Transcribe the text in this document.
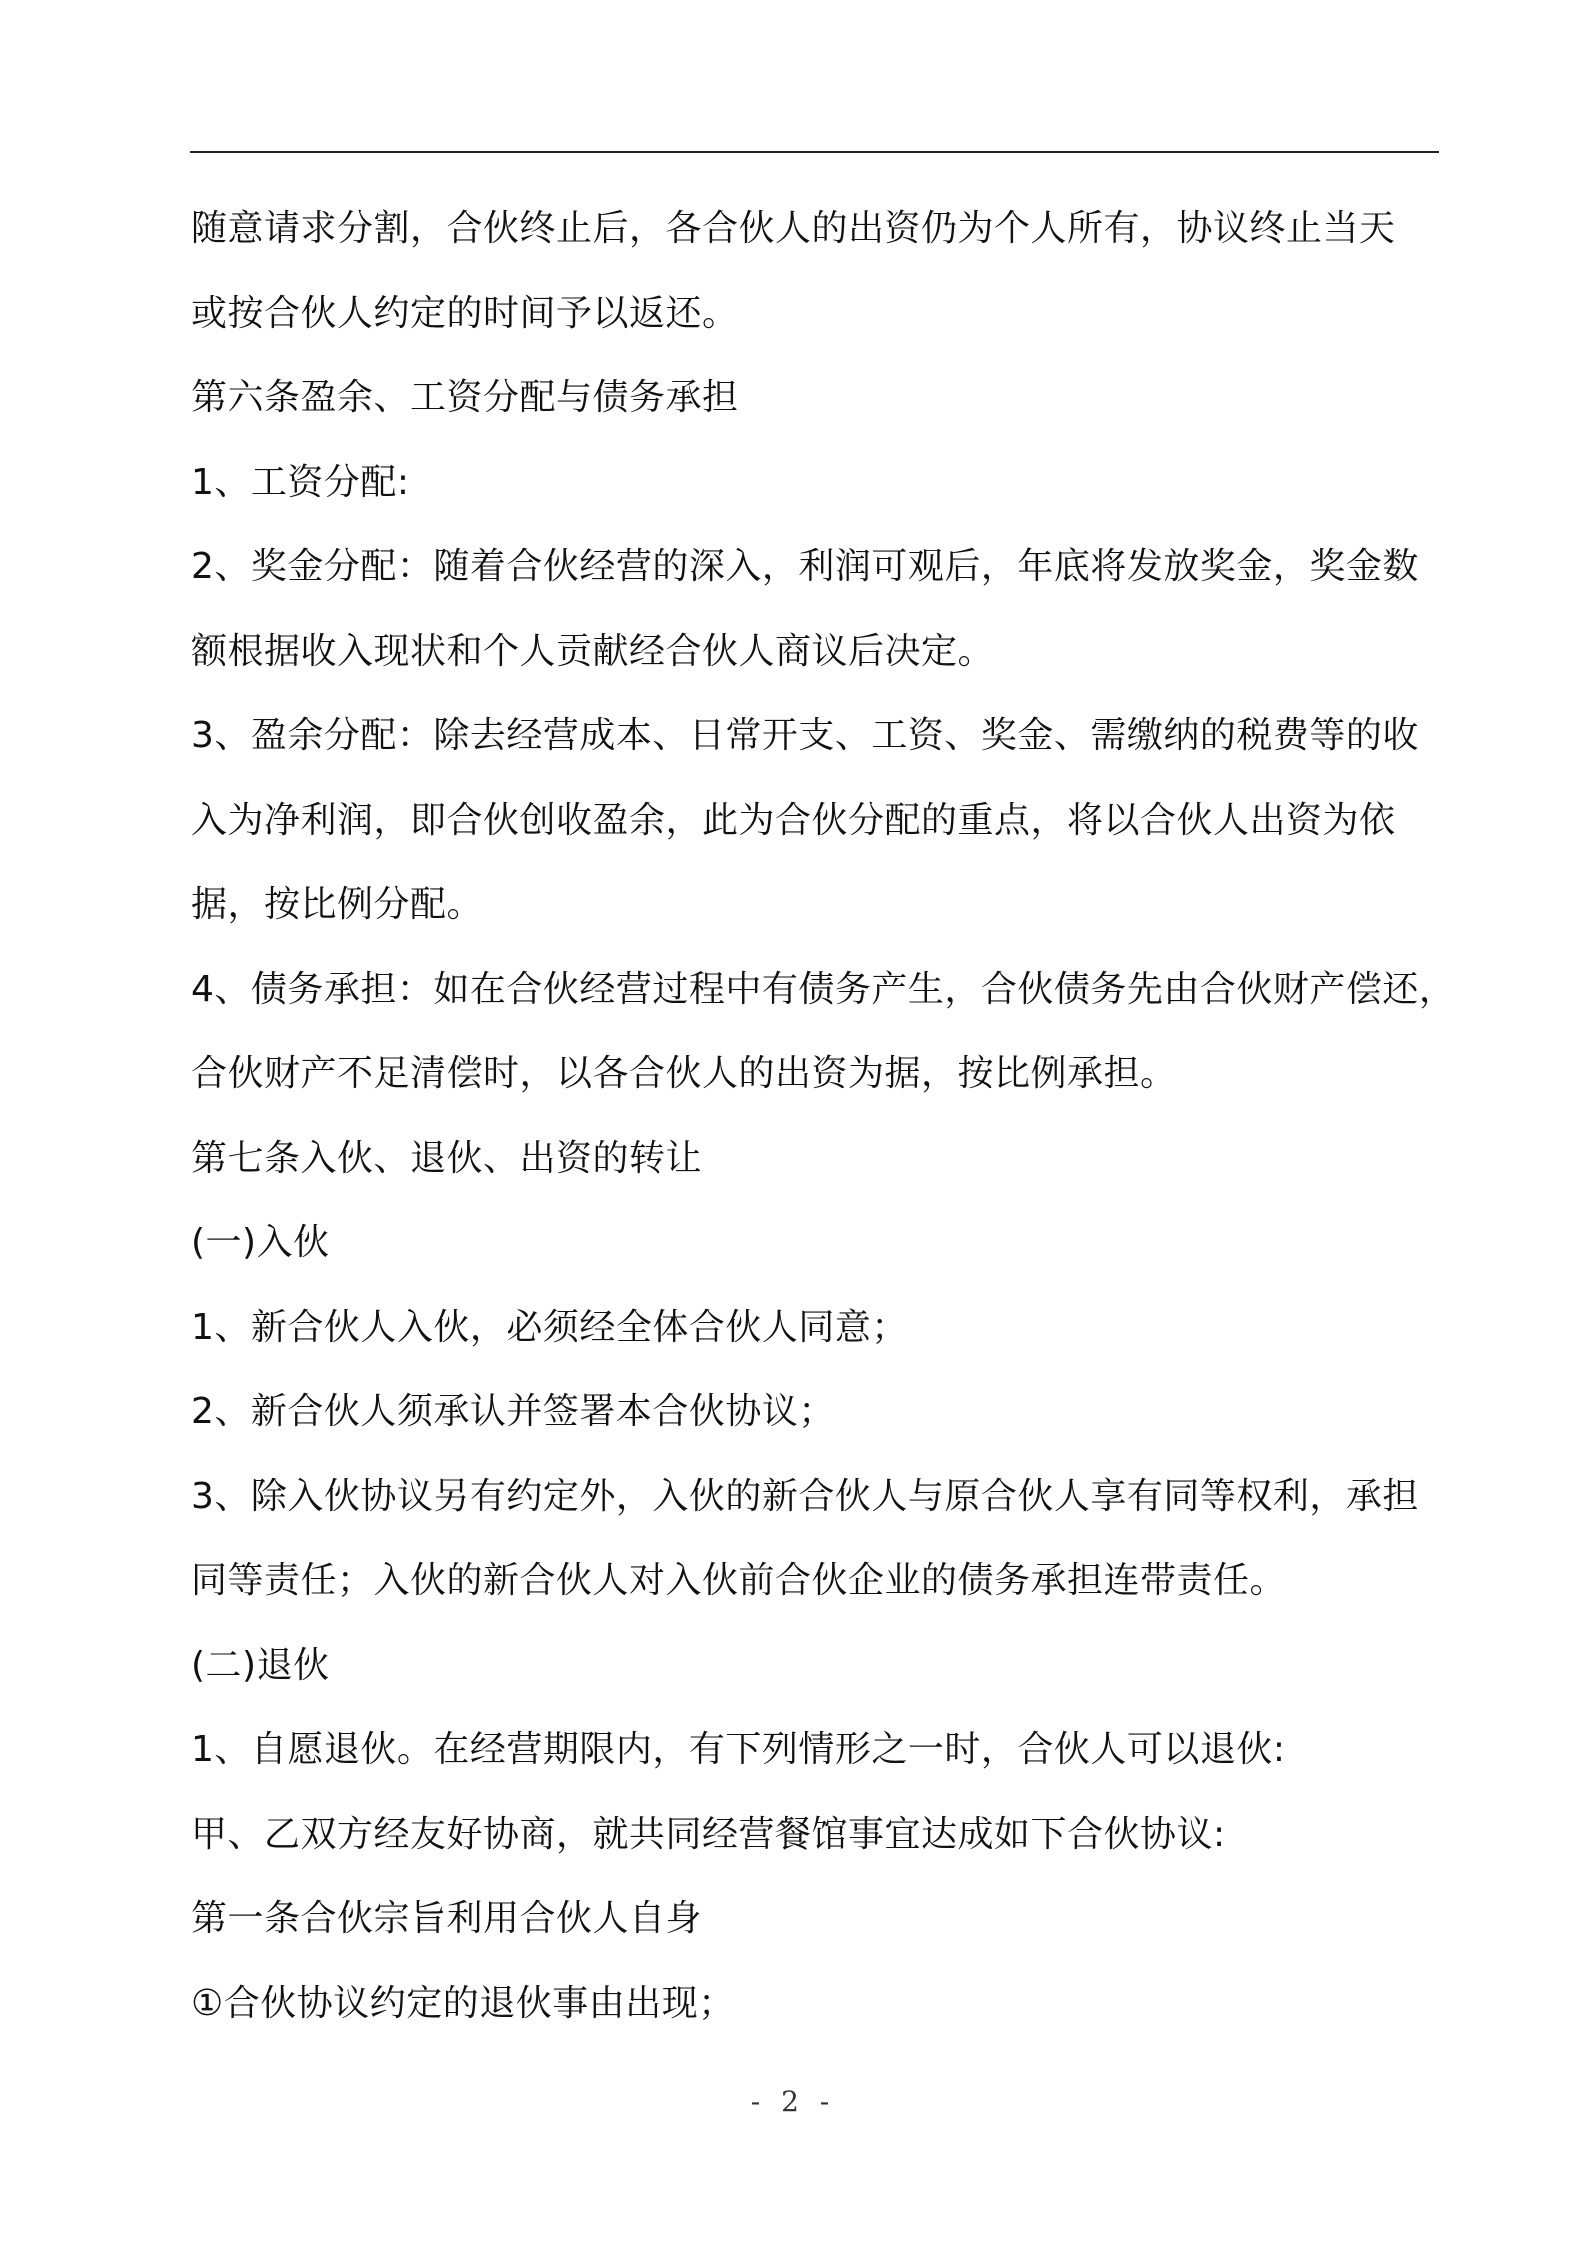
随意请求分割，合伙终止后，各合伙人的出资仍为个人所有，协议终止当天
或按合伙人约定的时间予以返还。
第六条盈余、工资分配与债务承担
1、工资分配:
2、奖金分配：随着合伙经营的深入，利润可观后，年底将发放奖金，奖金数
额根据收入现状和个人贡献经合伙人商议后决定。
3、盈余分配：除去经营成本、日常开支、工资、奖金、需缴纳的税费等的收
入为净利润，即合伙创收盈余，此为合伙分配的重点，将以合伙人出资为依
据，按比例分配。
4、债务承担：如在合伙经营过程中有债务产生，合伙债务先由合伙财产偿还，
合伙财产不足清偿时，以各合伙人的出资为据，按比例承担。
第七条入伙、退伙、出资的转让
(一)入伙
1、新合伙人入伙，必须经全体合伙人同意；
2、新合伙人须承认并签署本合伙协议；
3、除入伙协议另有约定外，入伙的新合伙人与原合伙人享有同等权利，承担
同等责任；入伙的新合伙人对入伙前合伙企业的债务承担连带责任。
(二)退伙
1、自愿退伙。在经营期限内，有下列情形之一时，合伙人可以退伙:
甲、乙双方经友好协商，就共同经营餐馆事宜达成如下合伙协议:
第一条合伙宗旨利用合伙人自身
①合伙协议约定的退伙事由出现；
- 2 -
